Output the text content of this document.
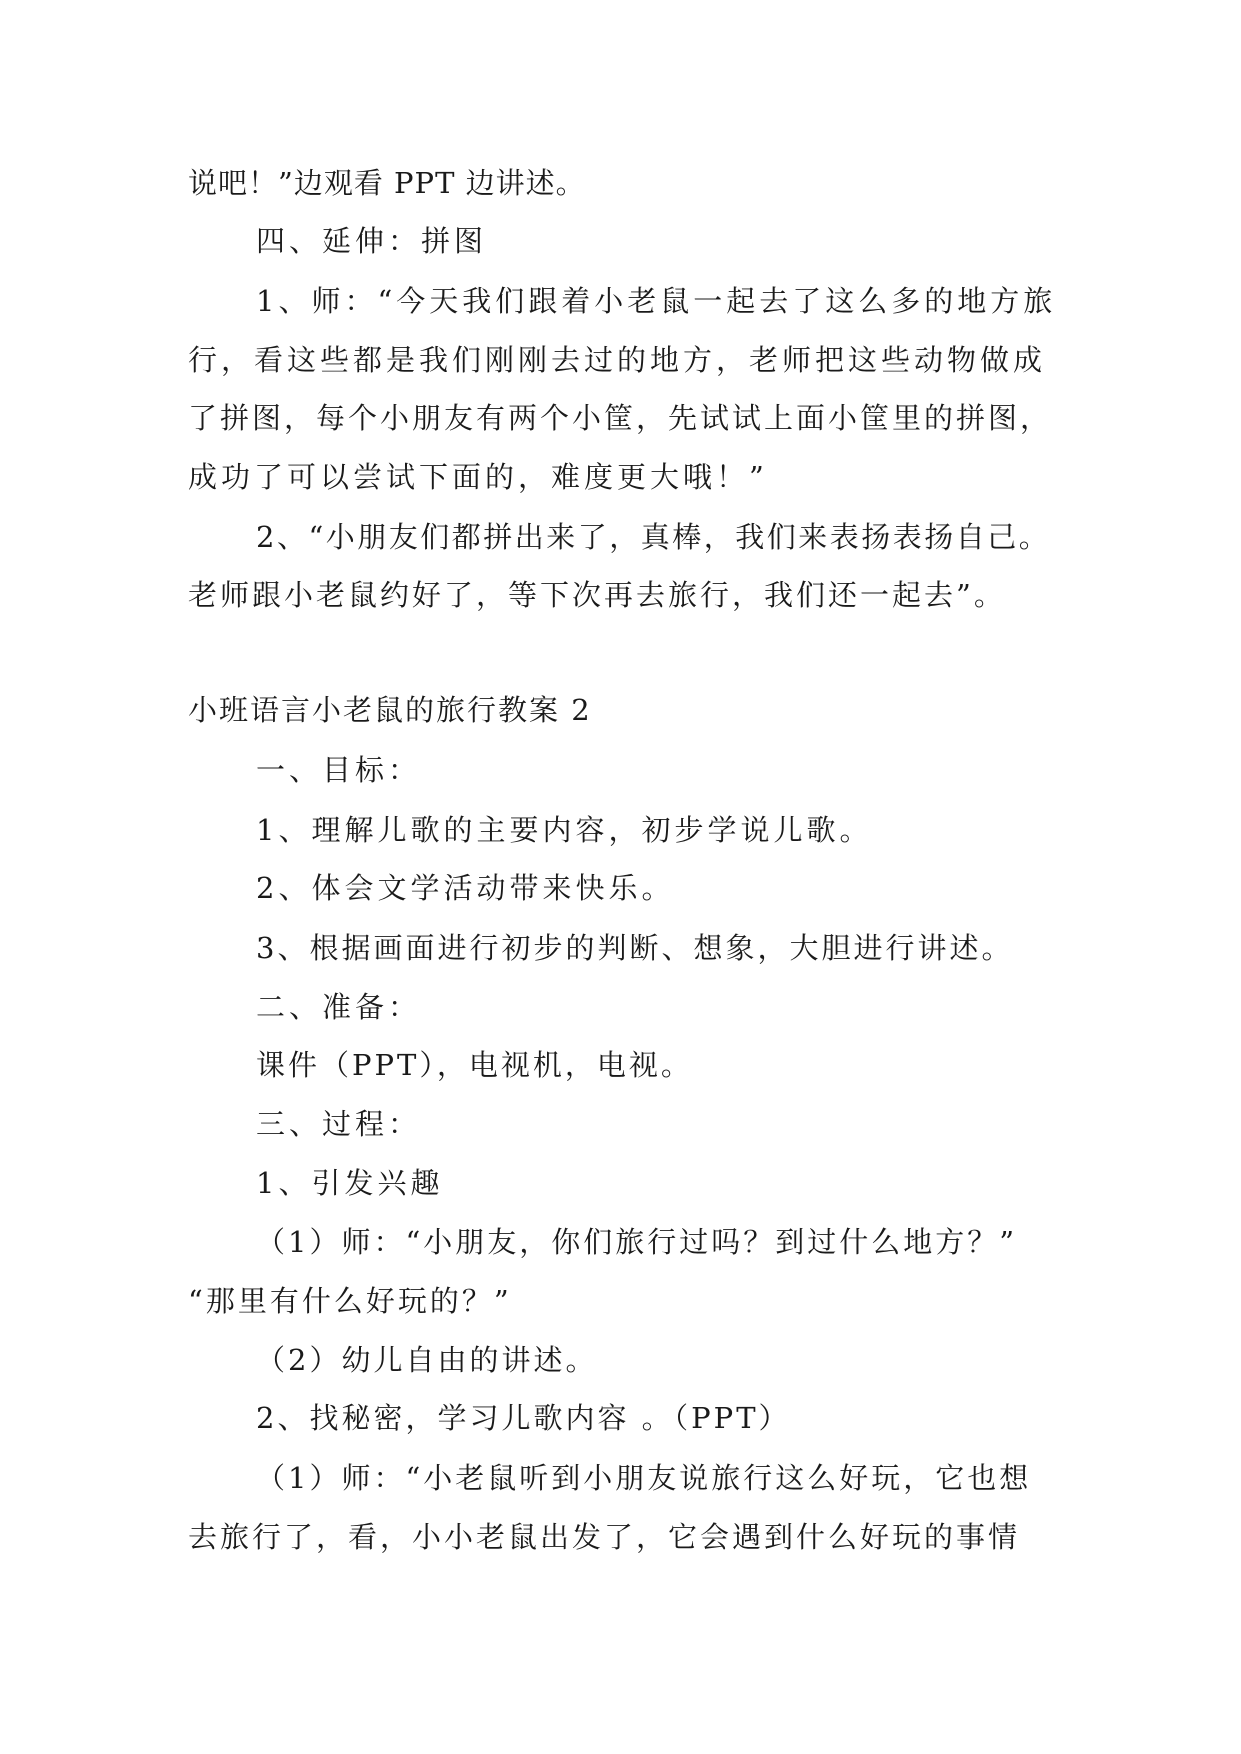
说吧！”边观看 PPT 边讲述。
四、延伸：拼图
1、师：“今天我们跟着小老鼠一起去了这么多的地方旅
行，看这些都是我们刚刚去过的地方，老师把这些动物做成
了拼图，每个小朋友有两个小筐，先试试上面小筐里的拼图，
成功了可以尝试下面的，难度更大哦！”
2、“小朋友们都拼出来了，真棒，我们来表扬表扬自己。
老师跟小老鼠约好了，等下次再去旅行，我们还一起去”。
小班语言小老鼠的旅行教案 2
一、目标：
1、理解儿歌的主要内容，初步学说儿歌。
2、体会文学活动带来快乐。
3、根据画面进行初步的判断、想象，大胆进行讲述。
二、准备：
课件（PPT），电视机，电视。
三、过程：
1、引发兴趣
（1）师：“小朋友，你们旅行过吗？到过什么地方？”
“那里有什么好玩的？”
（2）幼儿自由的讲述。
2、找秘密，学习儿歌内容 。（PPT）
（1）师：“小老鼠听到小朋友说旅行这么好玩，它也想
去旅行了，看，小小老鼠出发了，它会遇到什么好玩的事情
